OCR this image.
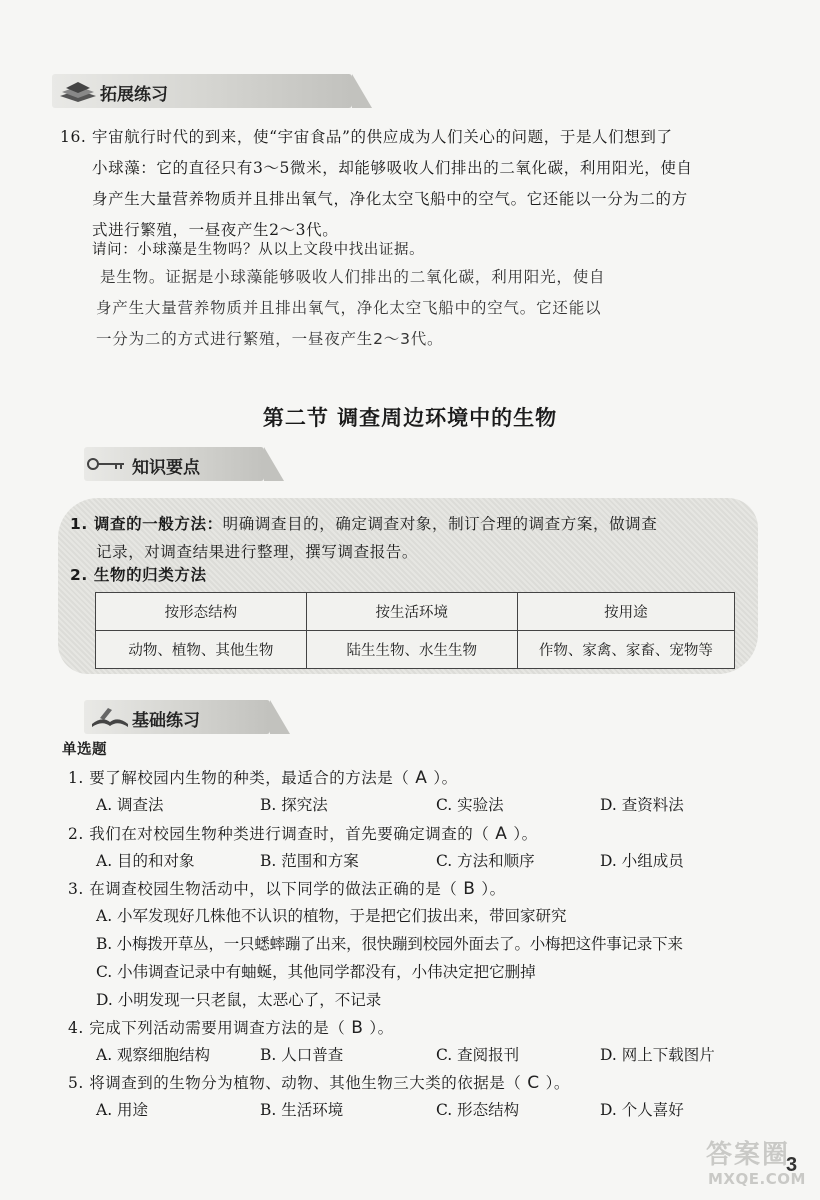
拓展练习
16. 宇宙航行时代的到来，使“宇宙食品”的供应成为人们关心的问题，于是人们想到了
小球藻：它的直径只有3～5微米，却能够吸收人们排出的二氧化碳，利用阳光，使自
身产生大量营养物质并且排出氧气，净化太空飞船中的空气。它还能以一分为二的方
式进行繁殖，一昼夜产生2～3代。
请问：小球藻是生物吗？从以上文段中找出证据。
是生物。证据是小球藻能够吸收人们排出的二氧化碳，利用阳光，使自
身产生大量营养物质并且排出氧气，净化太空飞船中的空气。它还能以
一分为二的方式进行繁殖，一昼夜产生2～3代。
第二节 调查周边环境中的生物
知识要点
1. 调查的一般方法：明确调查目的，确定调查对象，制订合理的调查方案，做调查
记录，对调查结果进行整理，撰写调查报告。
2. 生物的归类方法
按形态结构	按生活环境	按用途
动物、植物、其他生物	陆生生物、水生生物	作物、家禽、家畜、宠物等
基础练习
单选题
1. 要了解校园内生物的种类，最适合的方法是（ A ）。
A. 调查法	B. 探究法	C. 实验法	D. 查资料法
2. 我们在对校园生物种类进行调查时，首先要确定调查的（ A ）。
A. 目的和对象	B. 范围和方案	C. 方法和顺序	D. 小组成员
3. 在调查校园生物活动中，以下同学的做法正确的是（ B ）。
A. 小军发现好几株他不认识的植物，于是把它们拔出来，带回家研究
B. 小梅拨开草丛，一只蟋蟀蹦了出来，很快蹦到校园外面去了。小梅把这件事记录下来
C. 小伟调查记录中有蚰蜒，其他同学都没有，小伟决定把它删掉
D. 小明发现一只老鼠，太恶心了，不记录
4. 完成下列活动需要用调查方法的是（ B ）。
A. 观察细胞结构	B. 人口普查	C. 查阅报刊	D. 网上下载图片
5. 将调查到的生物分为植物、动物、其他生物三大类的依据是（ C ）。
A. 用途	B. 生活环境	C. 形态结构	D. 个人喜好
答案圈
MXQE.COM
3
